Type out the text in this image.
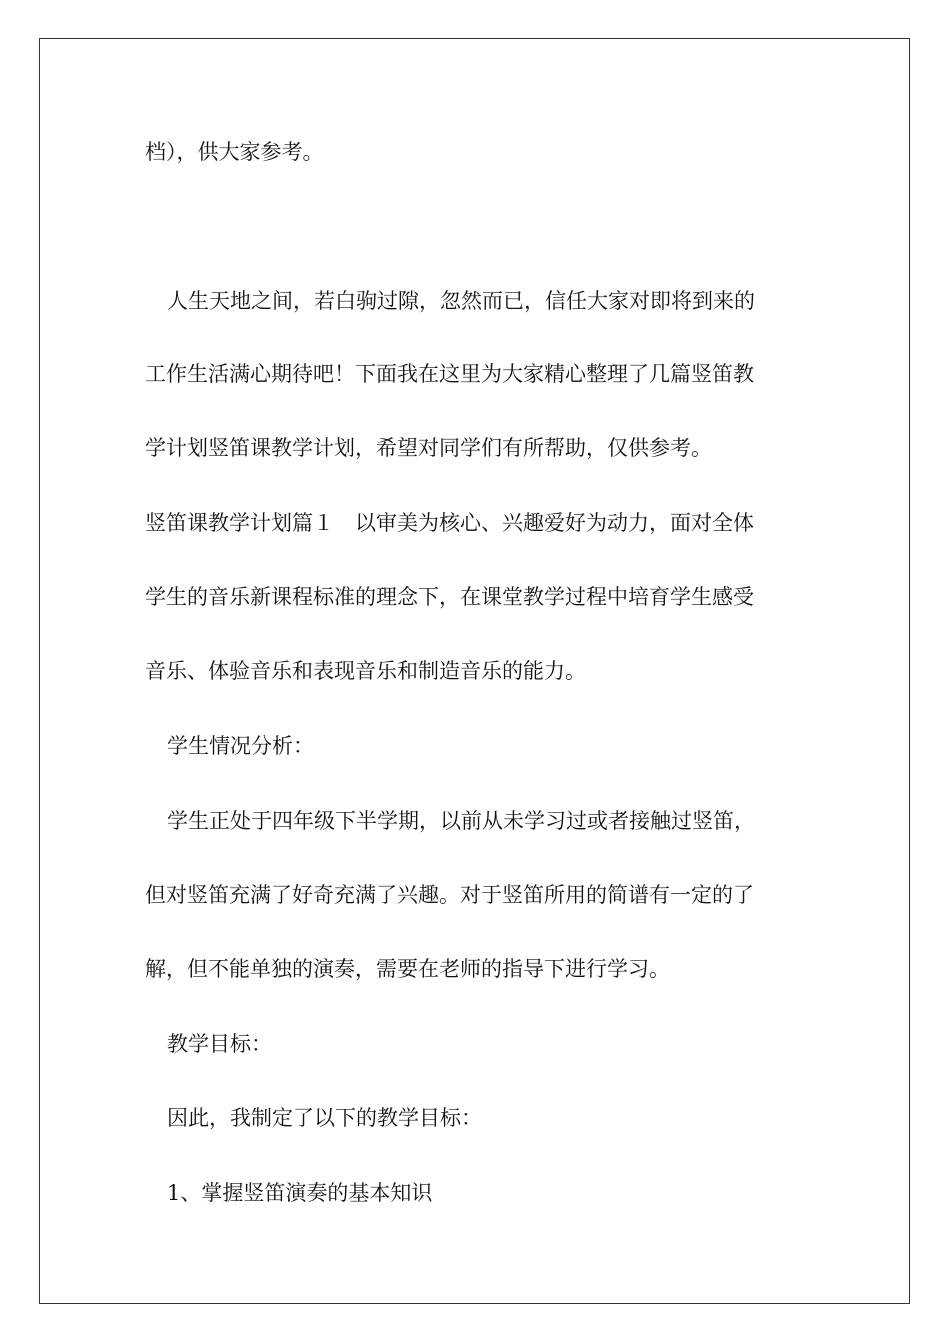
档），供大家参考。
人生天地之间，若白驹过隙，忽然而已，信任大家对即将到来的
工作生活满心期待吧！下面我在这里为大家精心整理了几篇竖笛教
学计划竖笛课教学计划，希望对同学们有所帮助，仅供参考。
竖笛课教学计划篇１　以审美为核心、兴趣爱好为动力，面对全体
学生的音乐新课程标准的理念下，在课堂教学过程中培育学生感受
音乐、体验音乐和表现音乐和制造音乐的能力。
学生情况分析：
学生正处于四年级下半学期，以前从未学习过或者接触过竖笛，
但对竖笛充满了好奇充满了兴趣。对于竖笛所用的简谱有一定的了
解，但不能单独的演奏，需要在老师的指导下进行学习。
教学目标：
因此，我制定了以下的教学目标：
1、掌握竖笛演奏的基本知识
